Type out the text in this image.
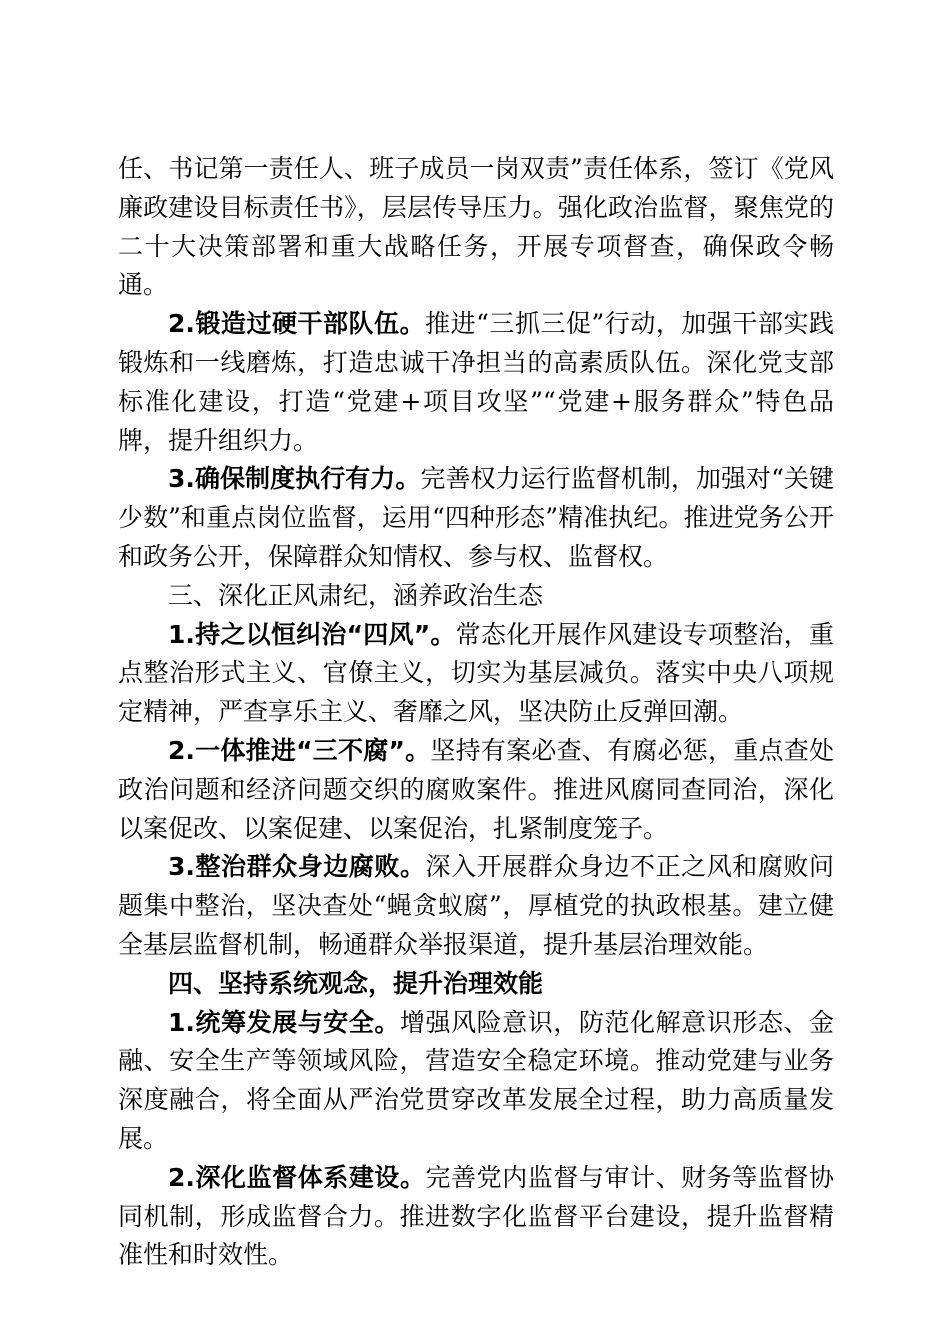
任、书记第一责任人、班子成员一岗双责”责任体系，签订《党风廉政建设目标责任书》，层层传导压力。强化政治监督，聚焦党的二十大决策部署和重大战略任务，开展专项督查，确保政令畅通。

2.锻造过硬干部队伍。推进“三抓三促”行动，加强干部实践锻炼和一线磨炼，打造忠诚干净担当的高素质队伍。深化党支部标准化建设，打造“党建+项目攻坚”“党建+服务群众”特色品牌，提升组织力。

3.确保制度执行有力。完善权力运行监督机制，加强对“关键少数”和重点岗位监督，运用“四种形态”精准执纪。推进党务公开和政务公开，保障群众知情权、参与权、监督权。

三、深化正风肃纪，涵养政治生态

1.持之以恒纠治“四风”。常态化开展作风建设专项整治，重点整治形式主义、官僚主义，切实为基层减负。落实中央八项规定精神，严查享乐主义、奢靡之风，坚决防止反弹回潮。

2.一体推进“三不腐”。坚持有案必查、有腐必惩，重点查处政治问题和经济问题交织的腐败案件。推进风腐同查同治，深化以案促改、以案促建、以案促治，扎紧制度笼子。

3.整治群众身边腐败。深入开展群众身边不正之风和腐败问题集中整治，坚决查处“蝇贪蚁腐”，厚植党的执政根基。建立健全基层监督机制，畅通群众举报渠道，提升基层治理效能。

四、坚持系统观念，提升治理效能

1.统筹发展与安全。增强风险意识，防范化解意识形态、金融、安全生产等领域风险，营造安全稳定环境。推动党建与业务深度融合，将全面从严治党贯穿改革发展全过程，助力高质量发展。

2.深化监督体系建设。完善党内监督与审计、财务等监督协同机制，形成监督合力。推进数字化监督平台建设，提升监督精准性和时效性。
